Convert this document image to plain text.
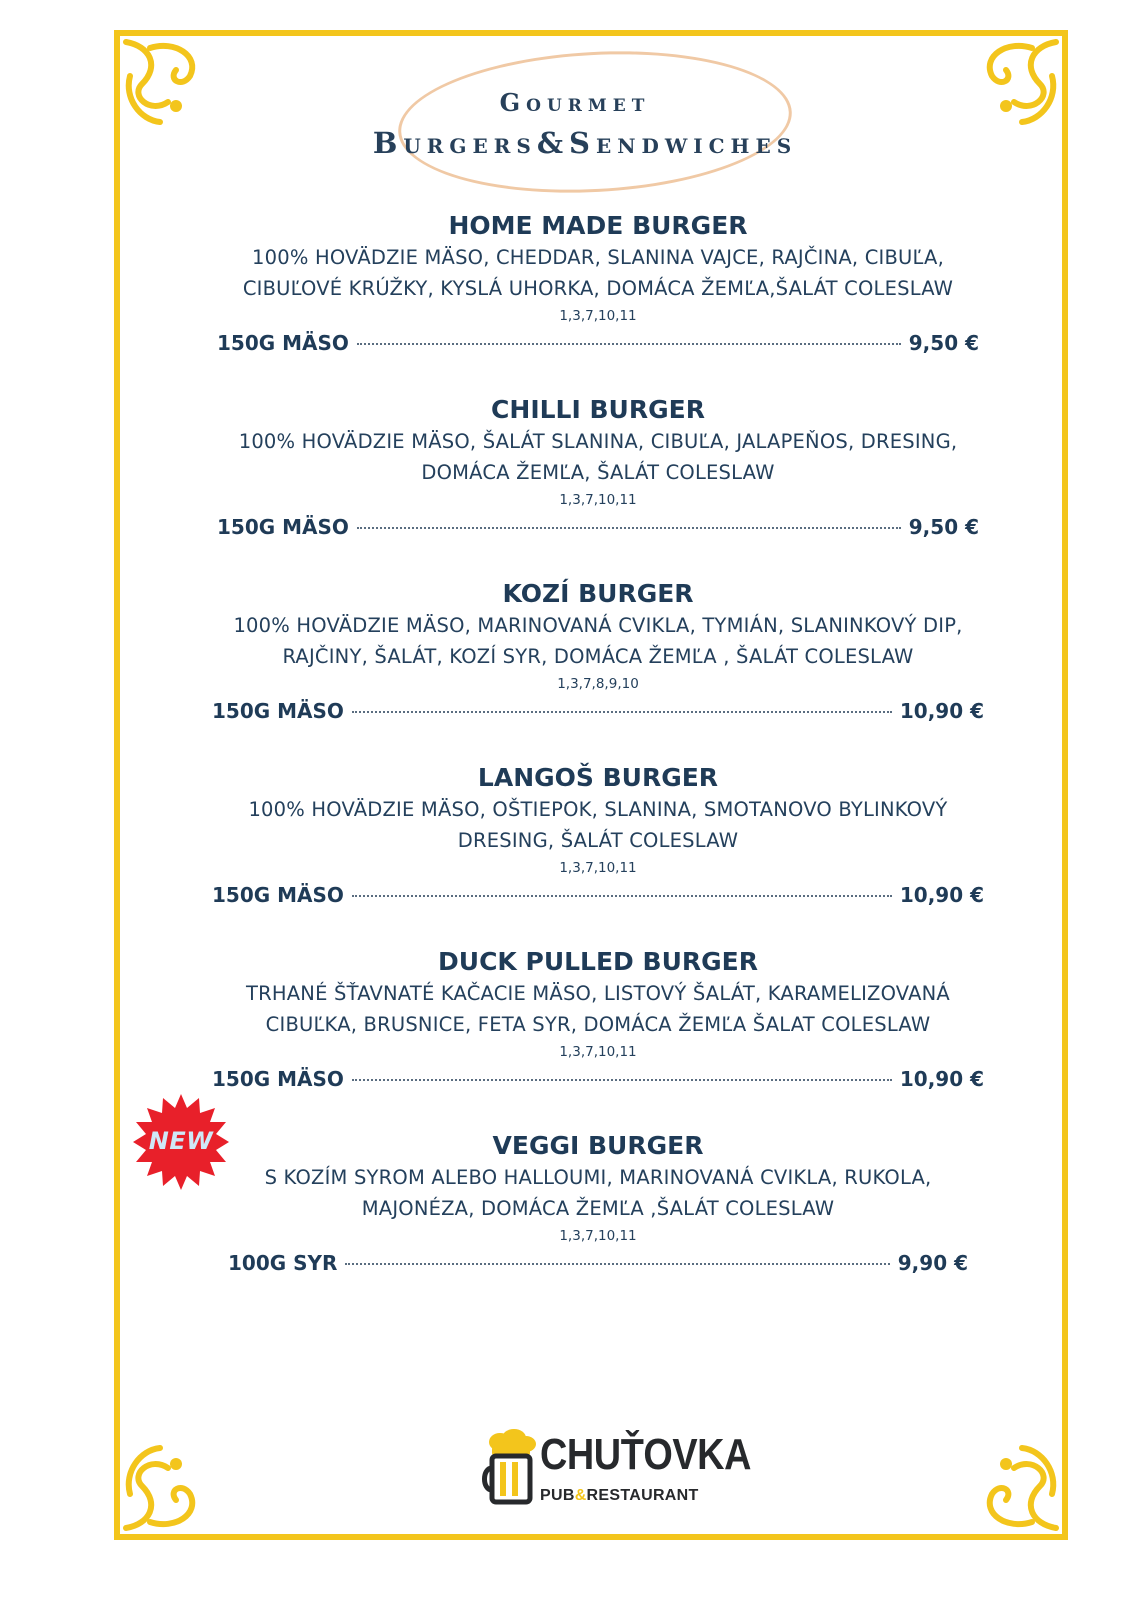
Gourmet
Burgers&Sendwiches
HOME MADE BURGER
100% HOVÄDZIE MÄSO, CHEDDAR, SLANINA VAJCE, RAJČINA, CIBUĽA,
CIBUĽOVÉ KRÚŽKY, KYSLÁ UHORKA, DOMÁCA ŽEMĽA,ŠALÁT COLESLAW
1,3,7,10,11
150G MÄSO	9,50 €
CHILLI BURGER
100% HOVÄDZIE MÄSO, ŠALÁT SLANINA, CIBUĽA, JALAPEŇOS, DRESING,
DOMÁCA ŽEMĽA, ŠALÁT COLESLAW
1,3,7,10,11
150G MÄSO	9,50 €
KOZÍ BURGER
100% HOVÄDZIE MÄSO, MARINOVANÁ CVIKLA, TYMIÁN, SLANINKOVÝ DIP,
RAJČINY, ŠALÁT, KOZÍ SYR, DOMÁCA ŽEMĽA , ŠALÁT COLESLAW
1,3,7,8,9,10
150G MÄSO	10,90 €
LANGOŠ BURGER
100% HOVÄDZIE MÄSO, OŠTIEPOK, SLANINA, SMOTANOVO BYLINKOVÝ
DRESING, ŠALÁT COLESLAW
1,3,7,10,11
150G MÄSO	10,90 €
DUCK PULLED BURGER
TRHANÉ ŠŤAVNATÉ KAČACIE MÄSO, LISTOVÝ ŠALÁT, KARAMELIZOVANÁ
CIBUĽKA, BRUSNICE, FETA SYR, DOMÁCA ŽEMĽA ŠALAT COLESLAW
1,3,7,10,11
150G MÄSO	10,90 €
VEGGI BURGER
S KOZÍM SYROM ALEBO HALLOUMI, MARINOVANÁ CVIKLA, RUKOLA,
MAJONÉZA, DOMÁCA ŽEMĽA ,ŠALÁT COLESLAW
1,3,7,10,11
100G SYR	9,90 €
NEW
CHUŤOVKA
PUB&RESTAURANT
